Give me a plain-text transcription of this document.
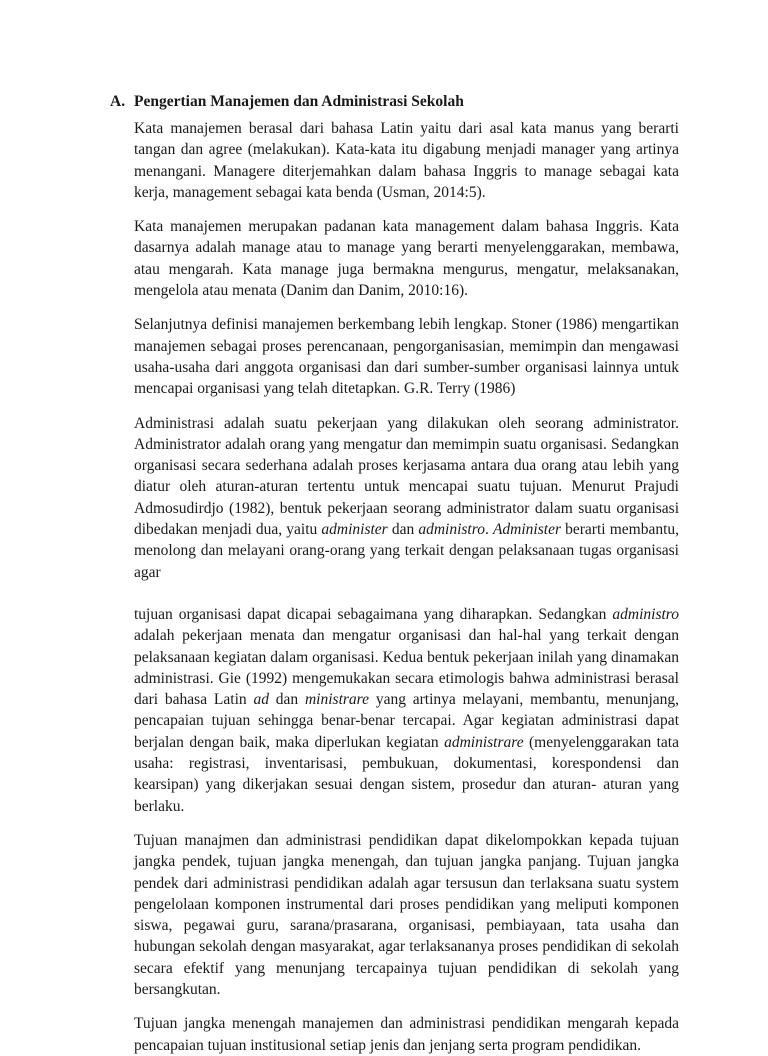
A. Pengertian Manajemen dan Administrasi Sekolah

Kata manajemen berasal dari bahasa Latin yaitu dari asal kata manus yang berarti tangan dan agree (melakukan). Kata-kata itu digabung menjadi manager yang artinya menangani. Managere diterjemahkan dalam bahasa Inggris to manage sebagai kata kerja, management sebagai kata benda (Usman, 2014:5).

Kata manajemen merupakan padanan kata management dalam bahasa Inggris. Kata dasarnya adalah manage atau to manage yang berarti menyelenggarakan, membawa, atau mengarah. Kata manage juga bermakna mengurus, mengatur, melaksanakan, mengelola atau menata (Danim dan Danim, 2010:16).

Selanjutnya definisi manajemen berkembang lebih lengkap. Stoner (1986) mengartikan manajemen sebagai proses perencanaan, pengorganisasian, memimpin dan mengawasi usaha-usaha dari anggota organisasi dan dari sumber-sumber organisasi lainnya untuk mencapai organisasi yang telah ditetapkan. G.R. Terry (1986)

Administrasi adalah suatu pekerjaan yang dilakukan oleh seorang administrator. Administrator adalah orang yang mengatur dan memimpin suatu organisasi. Sedangkan organisasi secara sederhana adalah proses kerjasama antara dua orang atau lebih yang diatur oleh aturan-aturan tertentu untuk mencapai suatu tujuan. Menurut Prajudi Admosudirdjo (1982), bentuk pekerjaan seorang administrator dalam suatu organisasi dibedakan menjadi dua, yaitu administer dan administro. Administer berarti membantu, menolong dan melayani orang-orang yang terkait dengan pelaksanaan tugas organisasi agar

tujuan organisasi dapat dicapai sebagaimana yang diharapkan. Sedangkan administro adalah pekerjaan menata dan mengatur organisasi dan hal-hal yang terkait dengan pelaksanaan kegiatan dalam organisasi. Kedua bentuk pekerjaan inilah yang dinamakan administrasi. Gie (1992) mengemukakan secara etimologis bahwa administrasi berasal dari bahasa Latin ad dan ministrare yang artinya melayani, membantu, menunjang, pencapaian tujuan sehingga benar-benar tercapai. Agar kegiatan administrasi dapat berjalan dengan baik, maka diperlukan kegiatan administrare (menyelenggarakan tata usaha: registrasi, inventarisasi, pembukuan, dokumentasi, korespondensi dan kearsipan) yang dikerjakan sesuai dengan sistem, prosedur dan aturan- aturan yang berlaku.

Tujuan manajmen dan administrasi pendidikan dapat dikelompokkan kepada tujuan jangka pendek, tujuan jangka menengah, dan tujuan jangka panjang. Tujuan jangka pendek dari administrasi pendidikan adalah agar tersusun dan terlaksana suatu system pengelolaan komponen instrumental dari proses pendidikan yang meliputi komponen siswa, pegawai guru, sarana/prasarana, organisasi, pembiayaan, tata usaha dan hubungan sekolah dengan masyarakat, agar terlaksananya proses pendidikan di sekolah secara efektif yang menunjang tercapainya tujuan pendidikan di sekolah yang bersangkutan.

Tujuan jangka menengah manajemen dan administrasi pendidikan mengarah kepada pencapaian tujuan institusional setiap jenis dan jenjang serta program pendidikan.
